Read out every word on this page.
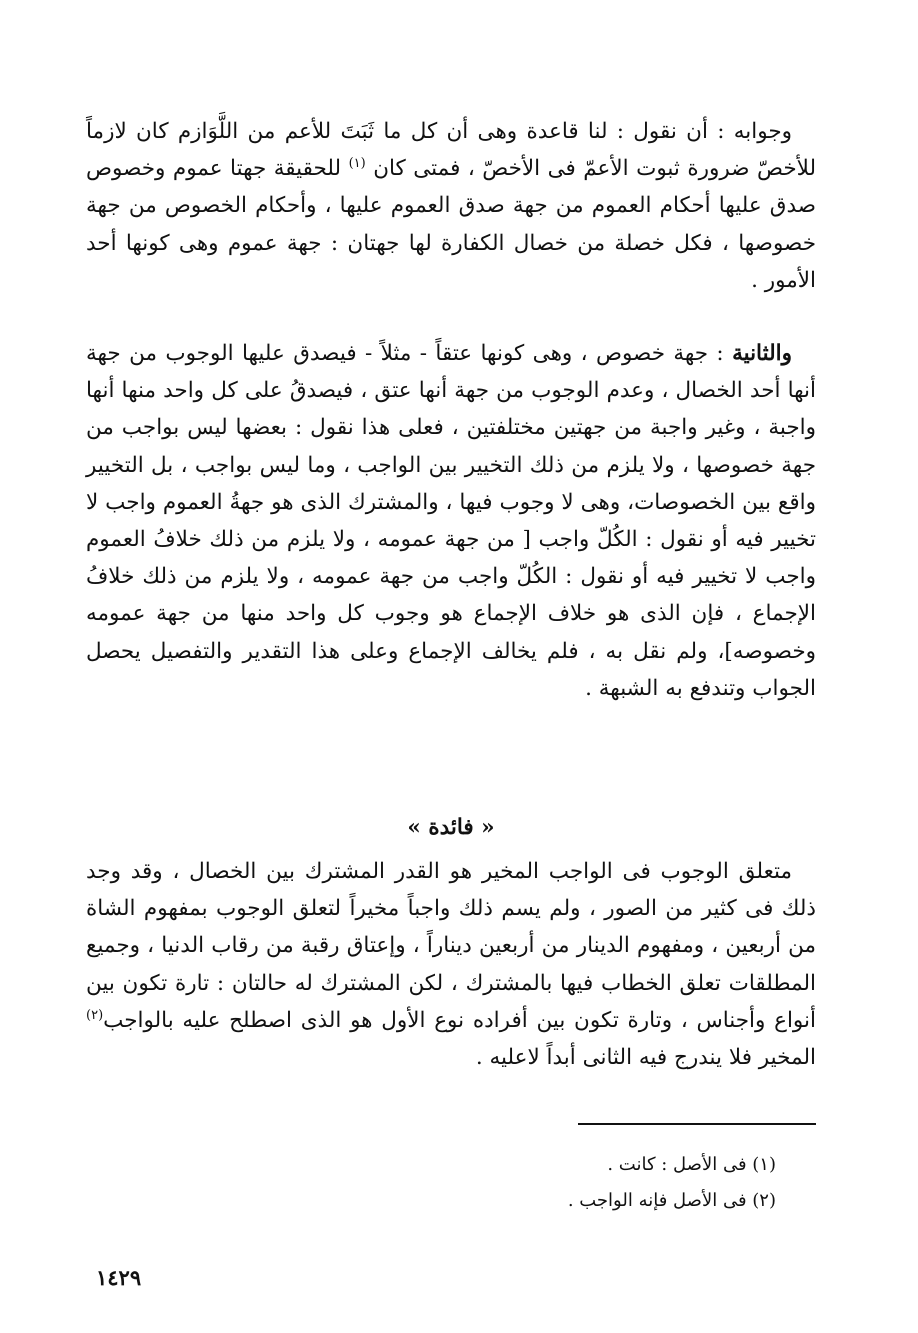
وجوابه : أن نقول : لنا قاعدة وهى أن كل ما ثَبَتَ للأعم من اللَّوَازم كان لازماً للأخصّ ضرورة ثبوت الأعمّ فى الأخصّ ، فمتى كان $^{(١)}$ للحقيقة جهتا عموم وخصوص صدق عليها أحكام العموم من جهة صدق العموم عليها ، وأحكام الخصوص من جهة خصوصها ، فكل خصلة من خصال الكفارة لها جهتان : جهة عموم وهى كونها أحد الأمور .

والثانية : جهة خصوص ، وهى كونها عتقاً - مثلاً - فيصدق عليها الوجوب من جهة أنها أحد الخصال ، وعدم الوجوب من جهة أنها عتق ، فيصدقُ على كل واحد منها أنها واجبة ، وغير واجبة من جهتين مختلفتين ، فعلى هذا نقول : بعضها ليس بواجب من جهة خصوصها ، ولا يلزم من ذلك التخيير بين الواجب ، وما ليس بواجب ، بل التخيير واقع بين الخصوصات، وهى لا وجوب فيها ، والمشترك الذى هو جهةُ العموم واجب لا تخيير فيه أو نقول : الكُلّ واجب [ من جهة عمومه ، ولا يلزم من ذلك خلافُ العموم واجب لا تخيير فيه أو نقول : الكُلّ واجب من جهة عمومه ، ولا يلزم من ذلك خلافُ الإجماع ، فإن الذى هو خلاف الإجماع هو وجوب كل واحد منها من جهة عمومه وخصوصه]، ولم نقل به ، فلم يخالف الإجماع وعلى هذا التقدير والتفصيل يحصل الجواب وتندفع به الشبهة .

« فائدة »

متعلق الوجوب فى الواجب المخير هو القدر المشترك بين الخصال ، وقد وجد ذلك فى كثير من الصور ، ولم يسم ذلك واجباً مخيراً لتعلق الوجوب بمفهوم الشاة من أربعين ، ومفهوم الدينار من أربعين ديناراً ، وإعتاق رقبة من رقاب الدنيا ، وجميع المطلقات تعلق الخطاب فيها بالمشترك ، لكن المشترك له حالتان : تارة تكون بين أنواع وأجناس ، وتارة تكون بين أفراده نوع الأول هو الذى اصطلح عليه بالواجب$^{(٢)}$ المخير فلا يندرج فيه الثانى أبداً لاعليه .

(١) فى الأصل : كانت .

(٢) فى الأصل فإنه الواجب .

١٤٢٩
